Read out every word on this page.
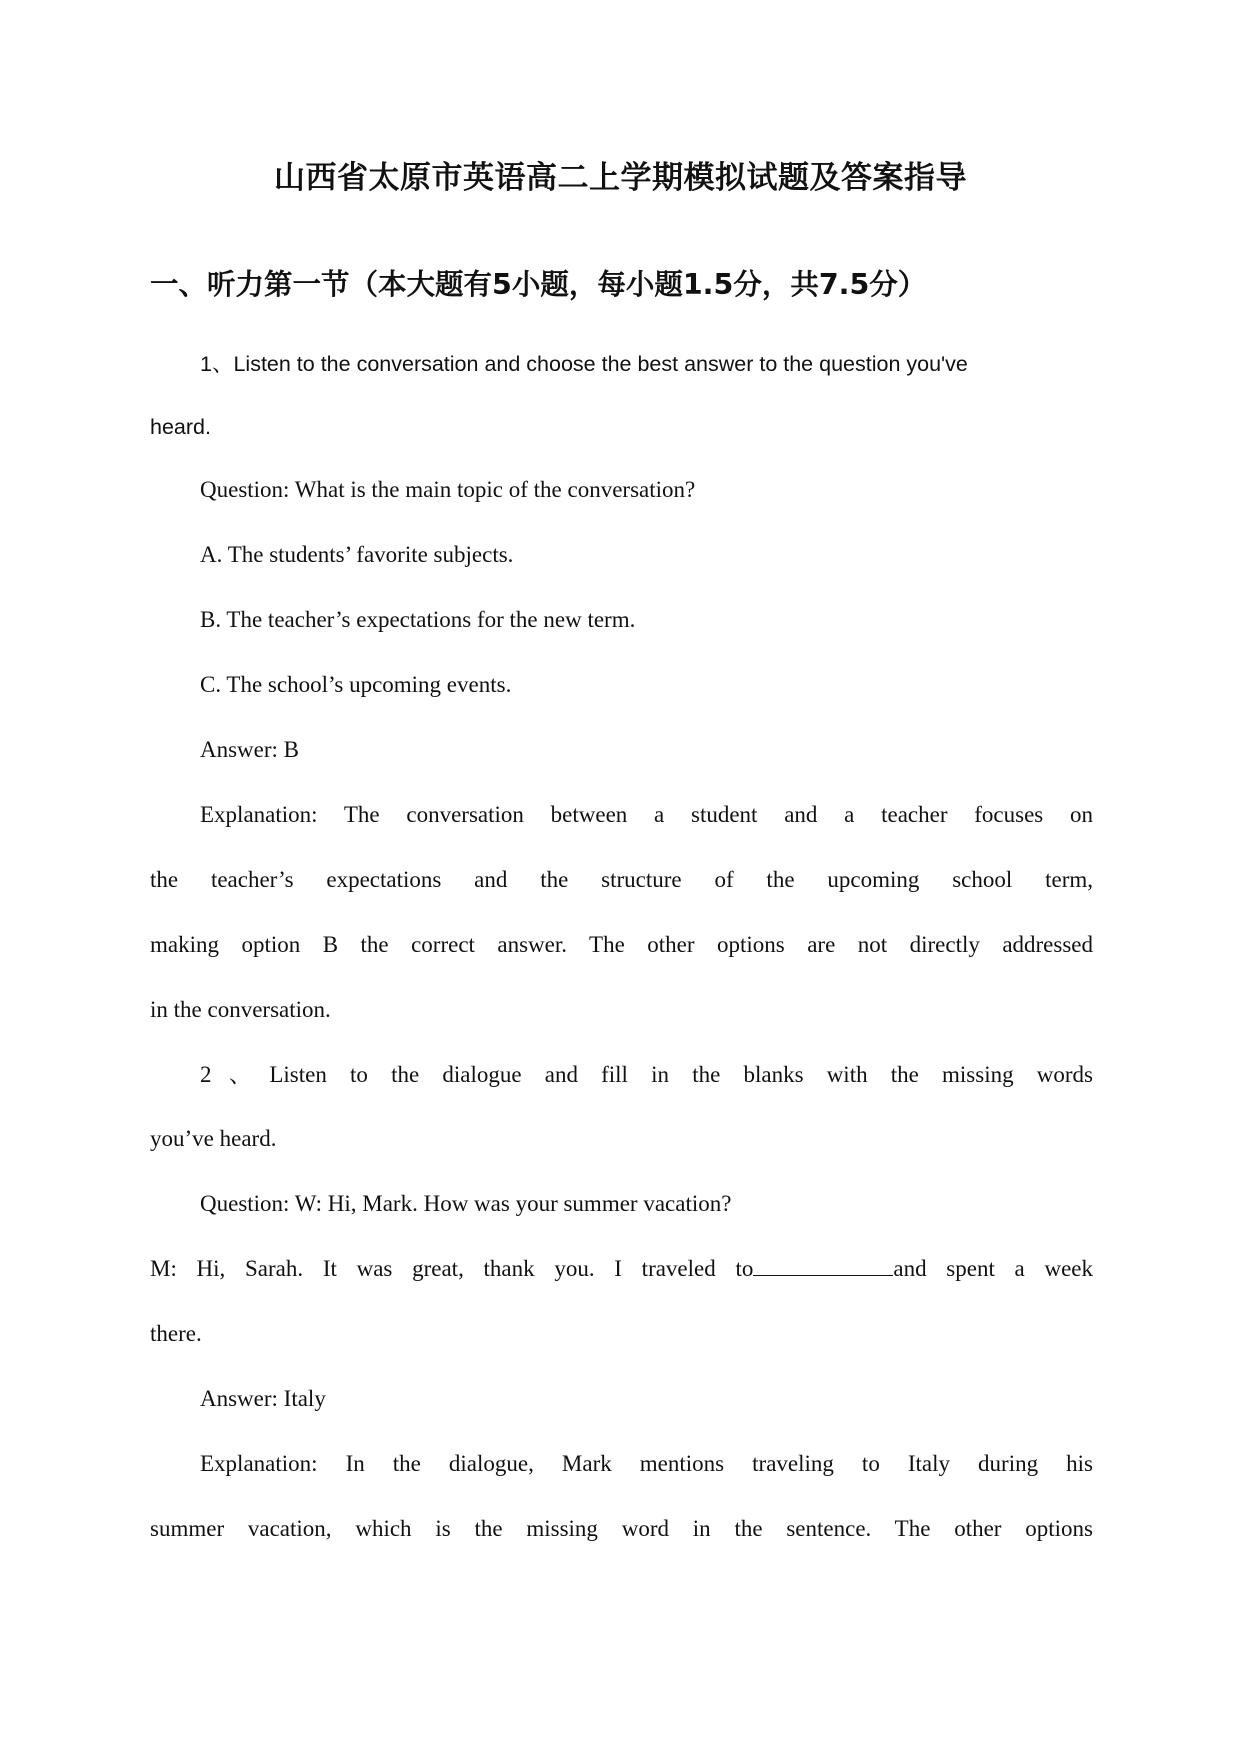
山西省太原市英语高二上学期模拟试题及答案指导
一、听力第一节（本大题有5小题，每小题1.5分，共7.5分）

1、Listen to the conversation and choose the best answer to the question you've

heard.

Question: What is the main topic of the conversation?

A. The students’ favorite subjects.

B. The teacher’s expectations for the new term.

C. The school’s upcoming events.

Answer: B

Explanation: The conversation between a student and a teacher focuses on

the teacher’s expectations and the structure of the upcoming school term,

making option B the correct answer. The other options are not directly addressed

in the conversation.

2、Listen to the dialogue and fill in the blanks with the missing words

you’ve heard.

Question: W: Hi, Mark. How was your summer vacation?

M: Hi, Sarah. It was great, thank you. I traveled to	and spent a week

there.

Answer: Italy

Explanation: In the dialogue, Mark mentions traveling to Italy during his

summer vacation, which is the missing word in the sentence. The other options
